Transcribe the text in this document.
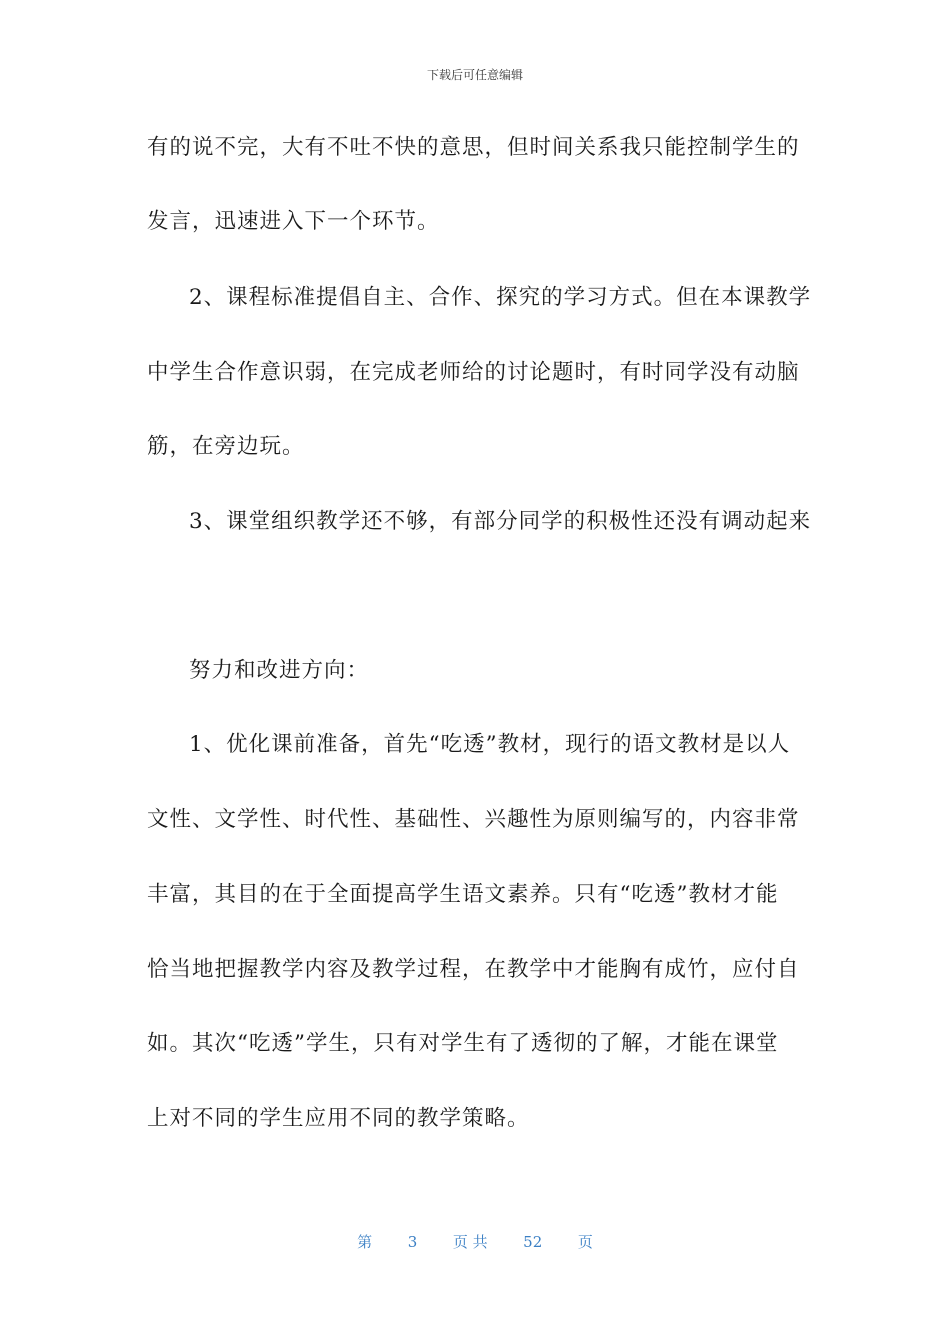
下载后可任意编辑
有的说不完，大有不吐不快的意思，但时间关系我只能控制学生的
发言，迅速进入下一个环节。
2、课程标准提倡自主、合作、探究的学习方式。但在本课教学
中学生合作意识弱，在完成老师给的讨论题时，有时同学没有动脑
筋，在旁边玩。
3、课堂组织教学还不够，有部分同学的积极性还没有调动起来
努力和改进方向：
1、优化课前准备，首先“吃透”教材，现行的语文教材是以人
文性、文学性、时代性、基础性、兴趣性为原则编写的，内容非常
丰富，其目的在于全面提高学生语文素养。只有“吃透”教材才能
恰当地把握教学内容及教学过程，在教学中才能胸有成竹，应付自
如。其次“吃透”学生，只有对学生有了透彻的了解，才能在课堂
上对不同的学生应用不同的教学策略。
第 3 页 共 52 页
